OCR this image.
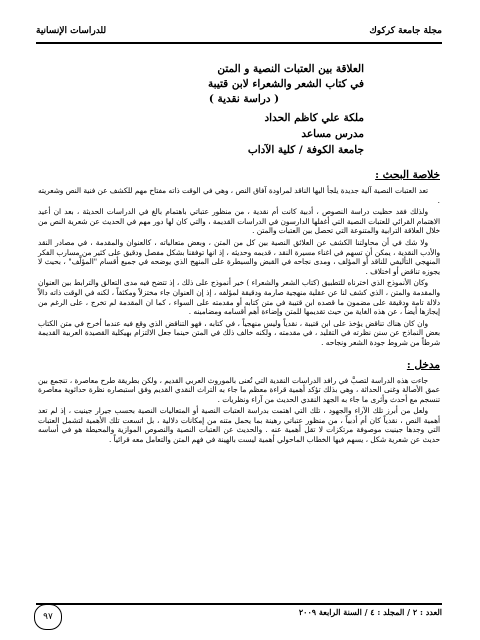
مجلة جامعة كركوك
للدراسات الإنسانية
العلاقة بين العتبات النصية و المتن
في كتاب الشعر والشعراء لابن قتيبة
( دراسة نقدية )
ملكة علي كاظم الحداد
مدرس مساعد
جامعة الكوفة / كلية الآداب
خلاصة البحث :

تعد العتبات النصية آلية جديدة يلجأ اليها الناقد لمراودة آفاق النص ، وهي في الوقت ذاته مفتاح مهم للكشف عن فنية النص وشعريته .

ولذلك فقد حظيت دراسة النصوص ، أدبية كانت أم نقدية ، من منظور عتباتي باهتمام بالغ في الدراسات الحديثة ، بعد ان أعيد الاهتمام القرائي للعتبات النصية التي أغفلها الدارسون في الدراسات القديمة ، والتي كان لها دور مهم في الحديث عن شعرية النص من خلال العلاقة الترابية والمتنوعة التي تحصل بين العتبات والمتن .

ولا شك في أن محاولتنا الكشف عن العلائق النصية بين كل من المتن ، وبعض متعالياته ، كالعنوان والمقدمة ، في مصادر النقد والأدب النقدية ، يمكن أن تسهم في اغناء مسيرة النقد ، قديمه وحديثه ، إذ انها توفقنا بشكل مفصل ودقيق على كثير من مسارب الفكر المنهجي التأليفي للناقد أو المؤلف ، ومدى نجاحه في القبض والسيطرة على المنهج الذي يوضحه في جميع أقسام "المؤلَّف" ، بحيث لا يجوزه تناقض أو اختلاف .

وكان الأنموذج الذي اخترناه للتطبيق (كتاب الشعر والشعراء ) خير أنموذج على ذلك ، إذ تتضح فيه مدى التعالق والترابط بين العنوان والمقدمة والمتن ، الذي كشف لنا عن عقلية منهجية صارمة ودقيقة لمؤلفه ، إذ إن العنوان جاء مختزلاً ومكثفاً ، لكنه في الوقت ذاته دالاً دلالة تامة ودقيقة على مضمون ما قصده ابن قتيبة في متن كتابه أو مقدمته على السواء ، كما ان المقدمة لم تخرج ، على الرغم من إيجازها أيضاً ، عن هذه الغاية من حيث تقديمها للمتن وإضاءة أهم أقسامه ومضامينه .

وان كان هناك تناقض يؤخذ على ابن قتيبة ، نقدياً وليس منهجياً ، في كتابه ، فهو التناقض الذي وقع فيه عندما أخرج في متن الكتاب بعض النماذج عن سنن نظرته في التقليد ، في مقدمته ، ولكنه خالف ذلك في المتن حينما جعل الالتزام بهيكلية القصيدة العربية القديمة شرطاً من شروط جودة الشعر ونجاحه .

مدخل :

جاءت هذه الدراسة لتصبَّ في رافد الدراسات النقدية التي تُعنى بالموروث العربي القديم ، ولكن بطريقة طرح معاصرة ، تنجمع بين عمق الأصالة وغنى الحداثة ، وهي بذلك تؤكد أهمية قراءة معظم ما جاء به التراث النقدي القديم وفق استبصاره نظرة حداثوية معاصرة تنسجم مع أحدث وأثرى ما جاء به الجهد النقدي الحديث من آراء ونظريات .

ولعل من أبرز تلك الآراء والجهود ، تلك التي اهتمت بدراسة العتبات النصية أو المتعاليات النصية بحسب جيرار جينيت ، إذ لم تعد أهمية النص ، نقدياً كان أم أدبياً ، من منظور عتباتي رهينة بما يحمل متنه من إمكانات دلالية ، بل اتسعت تلك الأهمية لتشمل العتبات التي وجدها جينيت موصوفة مرتكزات لا تقل أهمية عنه . والحديث عن العتبات النصية والنصوص الموازية والمحيطة هو في أساسه حديث عن شعرية شكل ، يسهم فيها الخطاب الماحولي أهمية ليست بالهينة في فهم المتن والتعامل معه قرائياً .

العدد : ٢ / المجلد : ٤ / السنة الرابعة ٢٠٠٩
٩٧
